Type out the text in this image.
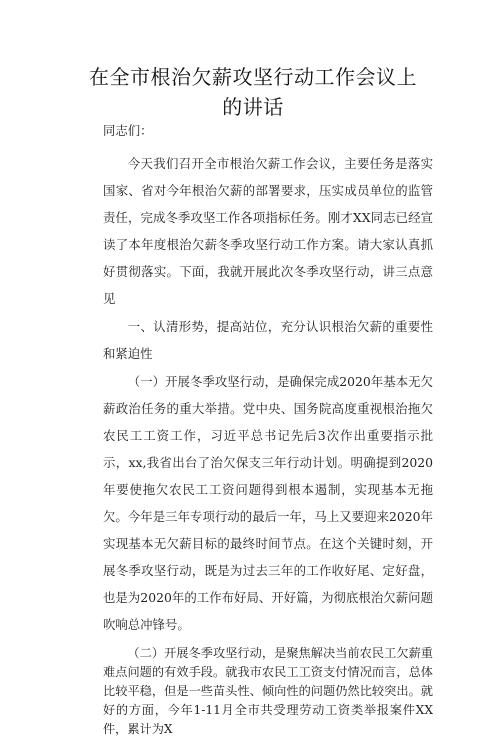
在全市根治欠薪攻坚行动工作会议上的讲话

同志们：

今天我们召开全市根治欠薪工作会议，主要任务是落实国家、省对今年根治欠薪的部署要求，压实成员单位的监管责任，完成冬季攻坚工作各项指标任务。刚才XX同志已经宣读了本年度根治欠薪冬季攻坚行动工作方案。请大家认真抓好贯彻落实。下面，我就开展此次冬季攻坚行动，讲三点意见

一、认清形势，提高站位，充分认识根治欠薪的重要性和紧迫性

（一）开展冬季攻坚行动，是确保完成2020年基本无欠薪政治任务的重大举措。党中央、国务院高度重视根治拖欠农民工工资工作，习近平总书记先后3次作出重要指示批示，xx,我省出台了治欠保支三年行动计划。明确提到2020年要使拖欠农民工工资问题得到根本遏制，实现基本无拖欠。今年是三年专项行动的最后一年，马上又要迎来2020年实现基本无欠薪目标的最终时间节点。在这个关键时刻，开展冬季攻坚行动，既是为过去三年的工作收好尾、定好盘，也是为2020年的工作布好局、开好篇，为彻底根治欠薪问题吹响总冲锋号。

（二）开展冬季攻坚行动，是聚焦解决当前农民工欠薪重难点问题的有效手段。就我市农民工工资支付情况而言，总体比较平稳，但是一些苗头性、倾向性的问题仍然比较突出。就好的方面，今年1-11月全市共受理劳动工资类举报案件XX件，累计为X
